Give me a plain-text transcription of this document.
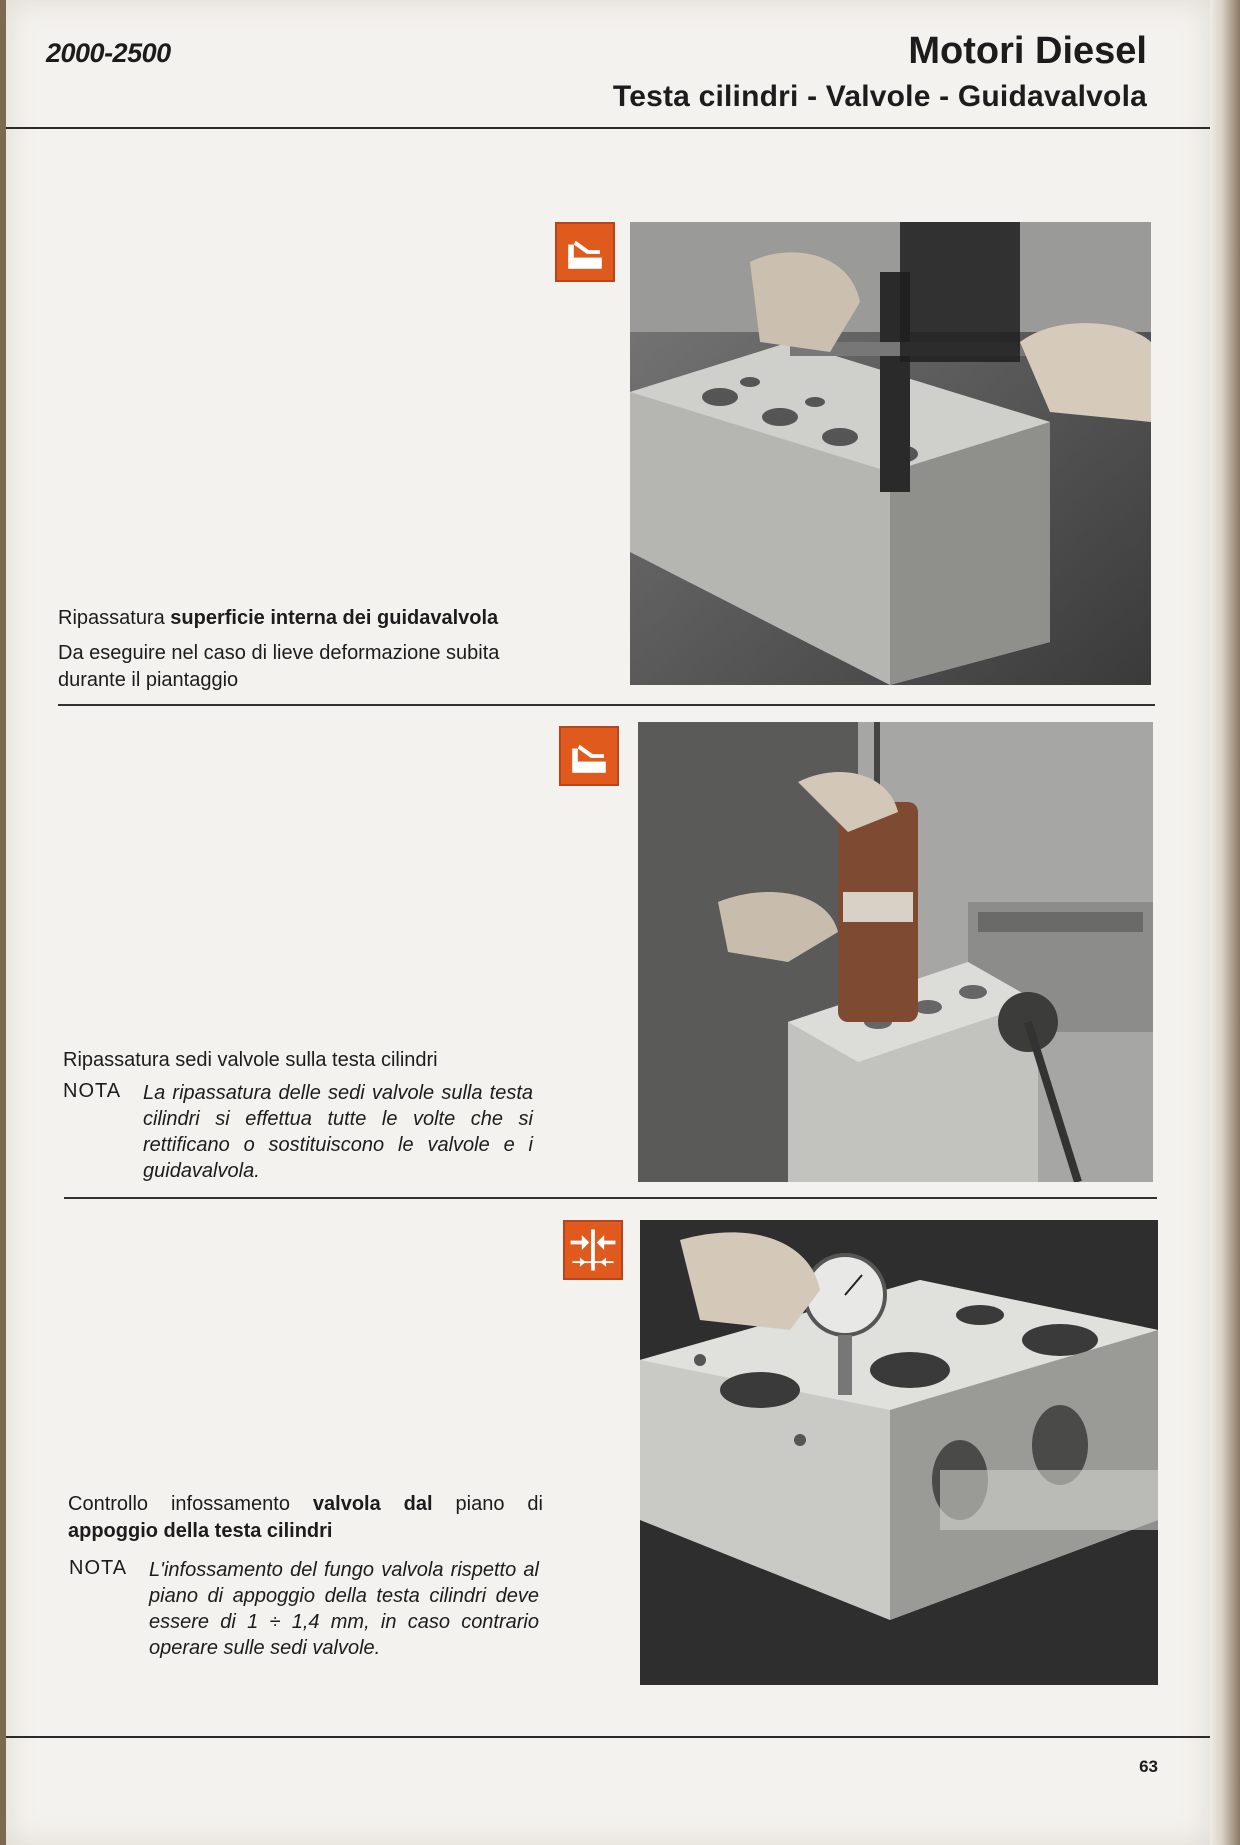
2000-2500	Motori Diesel
Testa cilindri - Valvole - Guidavalvola
Ripassatura superficie interna dei guidavalvola
Da eseguire nel caso di lieve deformazione subita durante il piantaggio
Ripassatura sedi valvole sulla testa cilindri
NOTA La ripassatura delle sedi valvole sulla testa cilindri si effettua tutte le volte che si rettificano o sostituiscono le valvole e i guidavalvola.
Controllo infossamento valvola dal piano di appoggio della testa cilindri
NOTA L'infossamento del fungo valvola rispetto al piano di appoggio della testa cilindri deve essere di 1 ÷ 1,4 mm, in caso contrario operare sulle sedi valvole.
63
